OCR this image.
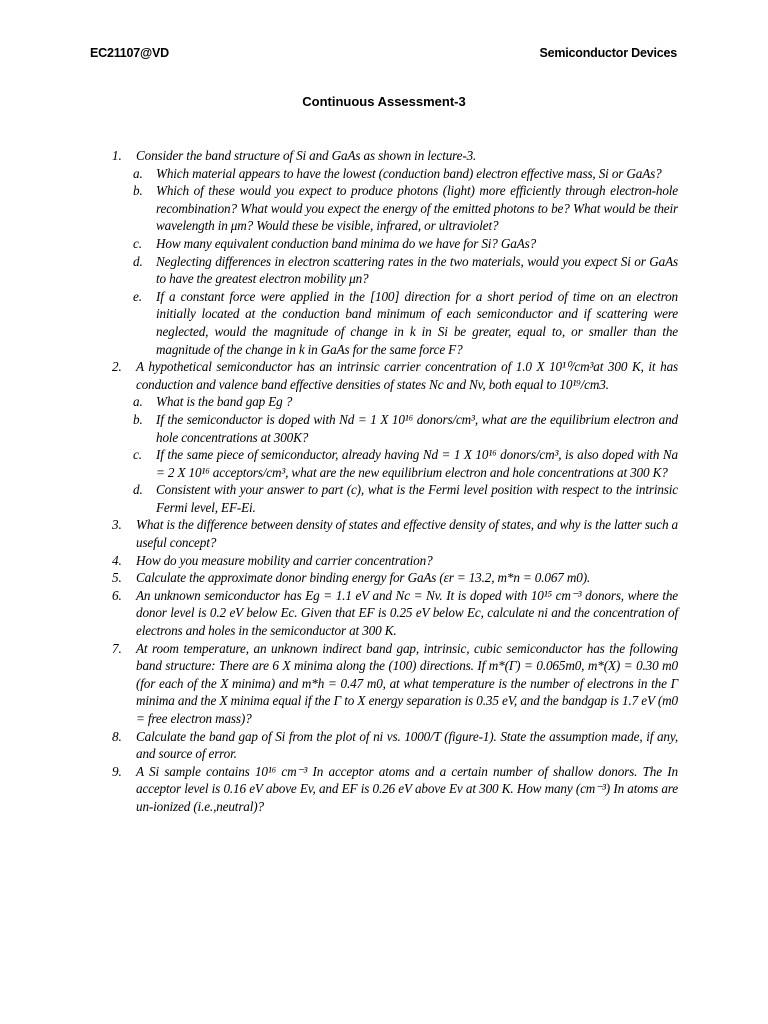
EC21107@VD	Semiconductor Devices
Continuous Assessment-3
1. Consider the band structure of Si and GaAs as shown in lecture-3.
a. Which material appears to have the lowest (conduction band) electron effective mass, Si or GaAs?
b. Which of these would you expect to produce photons (light) more efficiently through electron-hole recombination? What would you expect the energy of the emitted photons to be? What would be their wavelength in μm? Would these be visible, infrared, or ultraviolet?
c. How many equivalent conduction band minima do we have for Si? GaAs?
d. Neglecting differences in electron scattering rates in the two materials, would you expect Si or GaAs to have the greatest electron mobility μn?
e. If a constant force were applied in the [100] direction for a short period of time on an electron initially located at the conduction band minimum of each semiconductor and if scattering were neglected, would the magnitude of change in k in Si be greater, equal to, or smaller than the magnitude of the change in k in GaAs for the same force F?
2. A hypothetical semiconductor has an intrinsic carrier concentration of 1.0 X 10¹⁰/cm³at 300 K, it has conduction and valence band effective densities of states Nc and Nv, both equal to 10¹⁹/cm3.
a. What is the band gap Eg ?
b. If the semiconductor is doped with Nd = 1 X 10¹⁶ donors/cm³, what are the equilibrium electron and hole concentrations at 300K?
c. If the same piece of semiconductor, already having Nd = 1 X 10¹⁶ donors/cm³, is also doped with Na = 2 X 10¹⁶ acceptors/cm³, what are the new equilibrium electron and hole concentrations at 300 K?
d. Consistent with your answer to part (c), what is the Fermi level position with respect to the intrinsic Fermi level, EF-Ei.
3. What is the difference between density of states and effective density of states, and why is the latter such a useful concept?
4. How do you measure mobility and carrier concentration?
5. Calculate the approximate donor binding energy for GaAs (εr = 13.2, m*n = 0.067 m0).
6. An unknown semiconductor has Eg = 1.1 eV and Nc = Nv. It is doped with 10¹⁵ cm⁻³ donors, where the donor level is 0.2 eV below Ec. Given that EF is 0.25 eV below Ec, calculate ni and the concentration of electrons and holes in the semiconductor at 300 K.
7. At room temperature, an unknown indirect band gap, intrinsic, cubic semiconductor has the following band structure: There are 6 X minima along the (100) directions. If m*(Γ) = 0.065m0, m*(X) = 0.30 m0 (for each of the X minima) and m*h = 0.47 m0, at what temperature is the number of electrons in the Γ minima and the X minima equal if the Γ to X energy separation is 0.35 eV, and the bandgap is 1.7 eV (m0 = free electron mass)?
8. Calculate the band gap of Si from the plot of ni vs. 1000/T (figure-1). State the assumption made, if any, and source of error.
9. A Si sample contains 10¹⁶ cm⁻³ In acceptor atoms and a certain number of shallow donors. The In acceptor level is 0.16 eV above Ev, and EF is 0.26 eV above Ev at 300 K. How many (cm⁻³) In atoms are un-ionized (i.e.,neutral)?
